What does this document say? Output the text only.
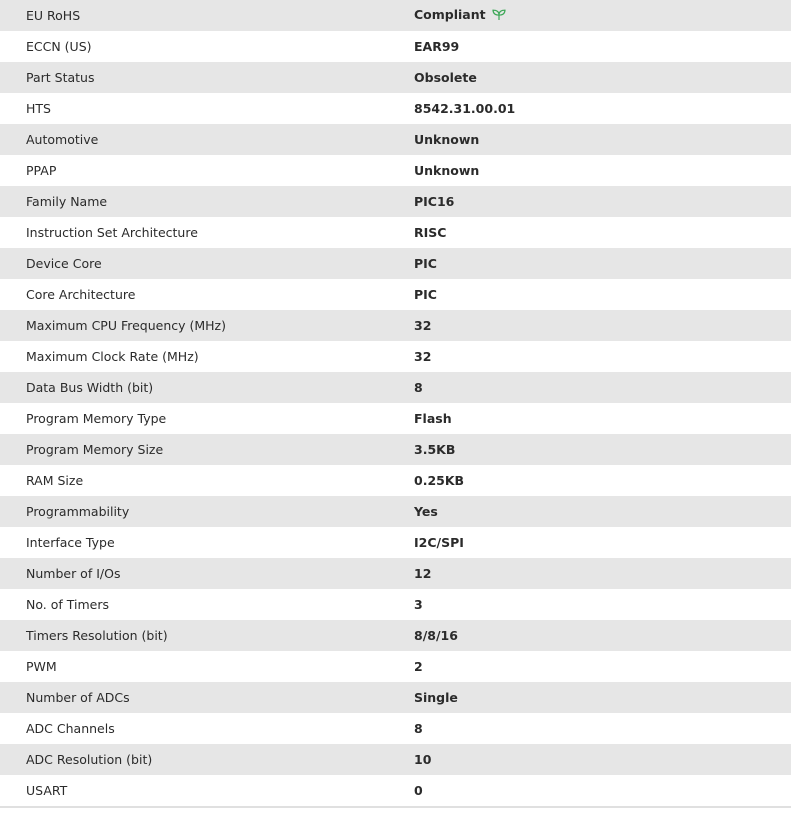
EU RoHS	Compliant
ECCN (US)	EAR99
Part Status	Obsolete
HTS	8542.31.00.01
Automotive	Unknown
PPAP	Unknown
Family Name	PIC16
Instruction Set Architecture	RISC
Device Core	PIC
Core Architecture	PIC
Maximum CPU Frequency (MHz)	32
Maximum Clock Rate (MHz)	32
Data Bus Width (bit)	8
Program Memory Type	Flash
Program Memory Size	3.5KB
RAM Size	0.25KB
Programmability	Yes
Interface Type	I2C/SPI
Number of I/Os	12
No. of Timers	3
Timers Resolution (bit)	8/8/16
PWM	2
Number of ADCs	Single
ADC Channels	8
ADC Resolution (bit)	10
USART	0
